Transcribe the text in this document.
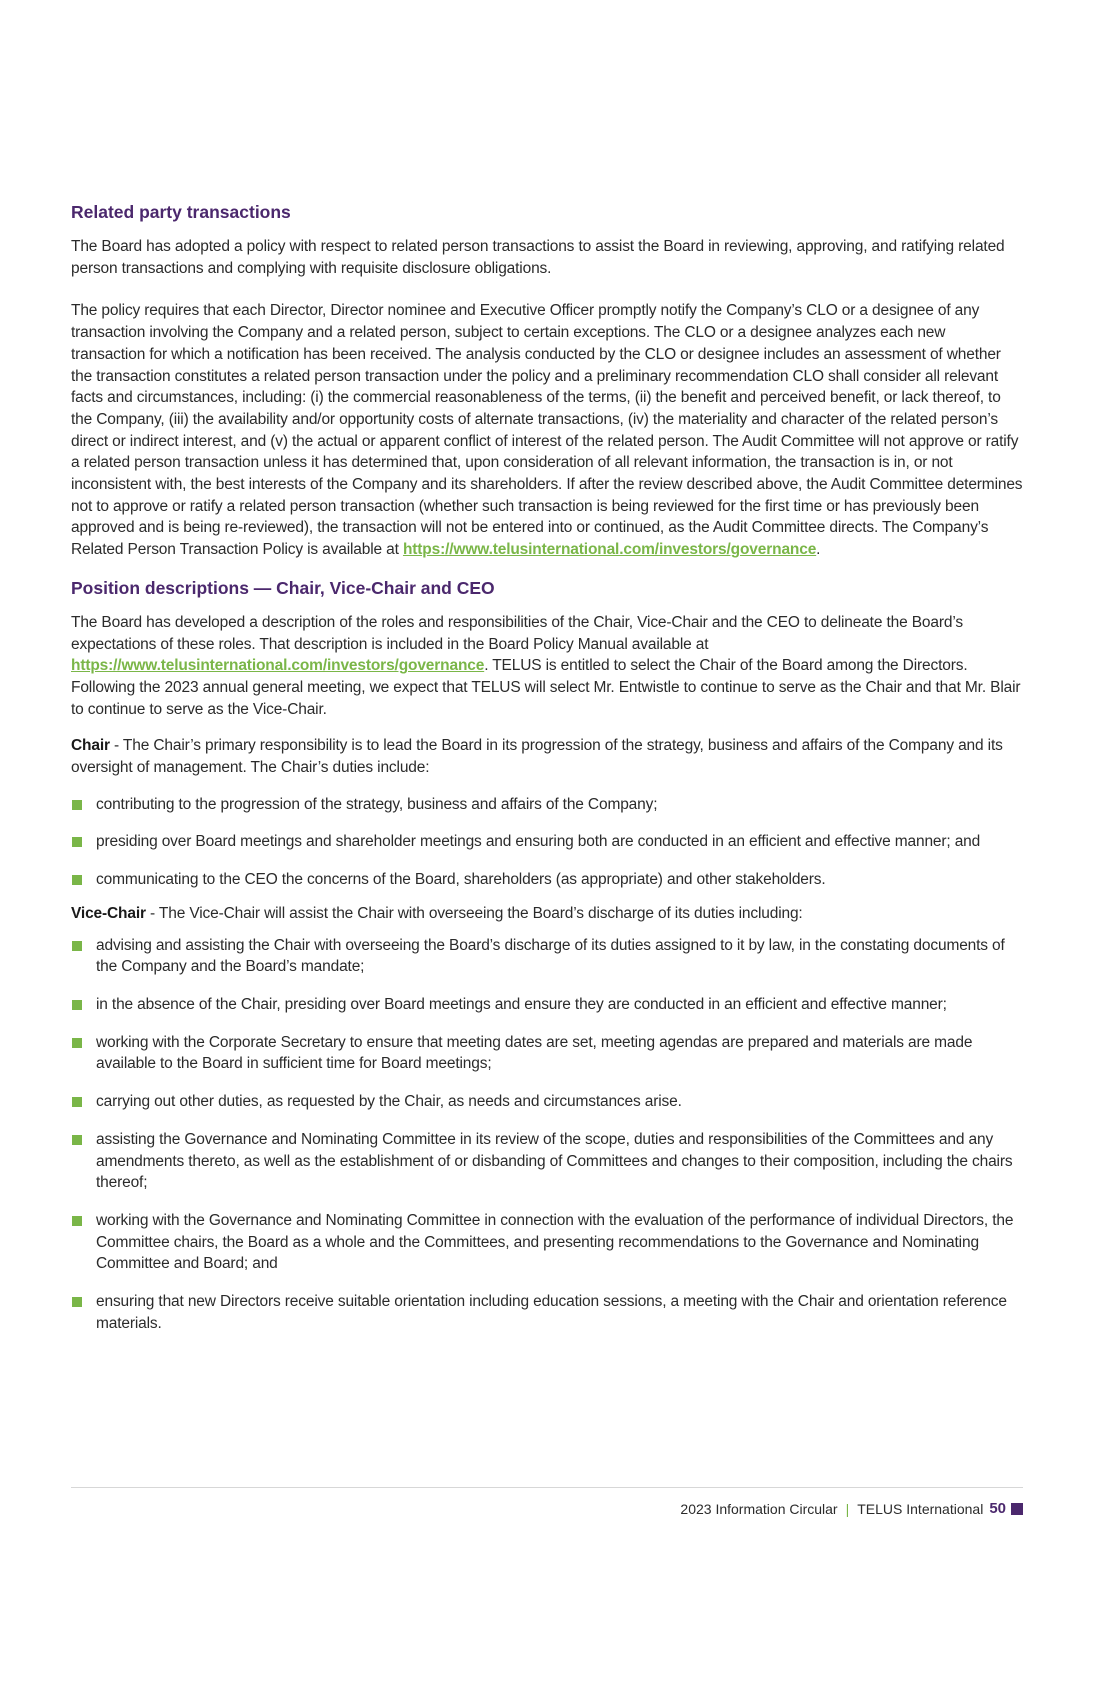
Related party transactions

The Board has adopted a policy with respect to related person transactions to assist the Board in reviewing, approving, and ratifying related person transactions and complying with requisite disclosure obligations.

The policy requires that each Director, Director nominee and Executive Officer promptly notify the Company’s CLO or a designee of any transaction involving the Company and a related person, subject to certain exceptions. The CLO or a designee analyzes each new transaction for which a notification has been received. The analysis conducted by the CLO or designee includes an assessment of whether the transaction constitutes a related person transaction under the policy and a preliminary recommendation CLO shall consider all relevant facts and circumstances, including: (i) the commercial reasonableness of the terms, (ii) the benefit and perceived benefit, or lack thereof, to the Company, (iii) the availability and/or opportunity costs of alternate transactions, (iv) the materiality and character of the related person’s direct or indirect interest, and (v) the actual or apparent conflict of interest of the related person. The Audit Committee will not approve or ratify a related person transaction unless it has determined that, upon consideration of all relevant information, the transaction is in, or not inconsistent with, the best interests of the Company and its shareholders. If after the review described above, the Audit Committee determines not to approve or ratify a related person transaction (whether such transaction is being reviewed for the first time or has previously been approved and is being re-reviewed), the transaction will not be entered into or continued, as the Audit Committee directs. The Company’s Related Person Transaction Policy is available at https://www.telusinternational.com/investors/governance.

Position descriptions — Chair, Vice-Chair and CEO

The Board has developed a description of the roles and responsibilities of the Chair, Vice-Chair and the CEO to delineate the Board’s expectations of these roles. That description is included in the Board Policy Manual available at https://www.telusinternational.com/investors/governance. TELUS is entitled to select the Chair of the Board among the Directors. Following the 2023 annual general meeting, we expect that TELUS will select Mr. Entwistle to continue to serve as the Chair and that Mr. Blair to continue to serve as the Vice-Chair.

Chair - The Chair’s primary responsibility is to lead the Board in its progression of the strategy, business and affairs of the Company and its oversight of management. The Chair’s duties include:

contributing to the progression of the strategy, business and affairs of the Company;
presiding over Board meetings and shareholder meetings and ensuring both are conducted in an efficient and effective manner; and
communicating to the CEO the concerns of the Board, shareholders (as appropriate) and other stakeholders.

Vice-Chair - The Vice-Chair will assist the Chair with overseeing the Board’s discharge of its duties including:

advising and assisting the Chair with overseeing the Board’s discharge of its duties assigned to it by law, in the constating documents of the Company and the Board’s mandate;
in the absence of the Chair, presiding over Board meetings and ensure they are conducted in an efficient and effective manner;
working with the Corporate Secretary to ensure that meeting dates are set, meeting agendas are prepared and materials are made available to the Board in sufficient time for Board meetings;
carrying out other duties, as requested by the Chair, as needs and circumstances arise.
assisting the Governance and Nominating Committee in its review of the scope, duties and responsibilities of the Committees and any amendments thereto, as well as the establishment of or disbanding of Committees and changes to their composition, including the chairs thereof;
working with the Governance and Nominating Committee in connection with the evaluation of the performance of individual Directors, the Committee chairs, the Board as a whole and the Committees, and presenting recommendations to the Governance and Nominating Committee and Board; and
ensuring that new Directors receive suitable orientation including education sessions, a meeting with the Chair and orientation reference materials.
2023 Information Circular | TELUS International 50
